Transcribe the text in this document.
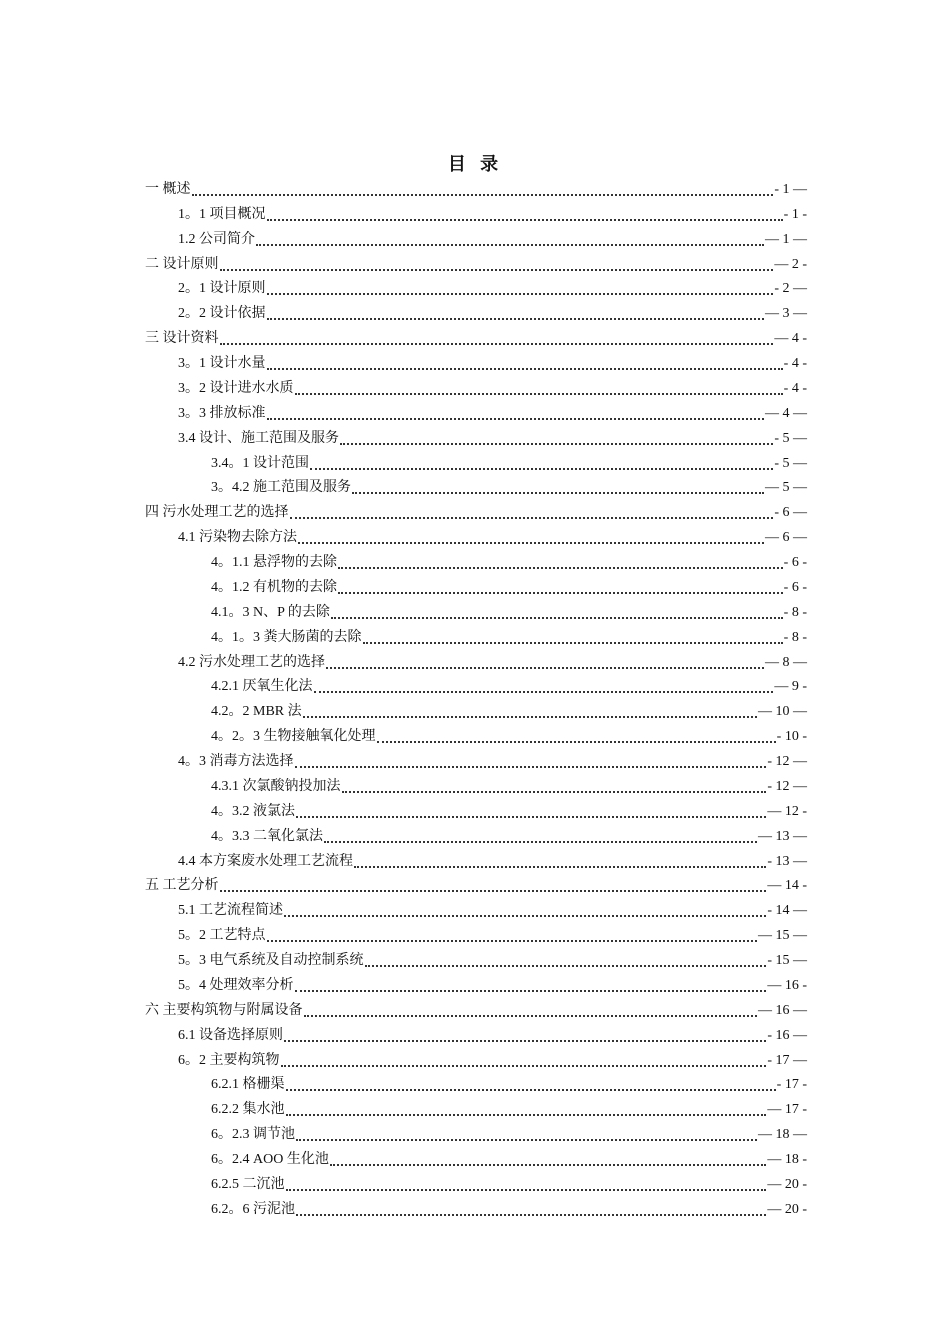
目 录
一 概述	- 1 —
1。1 项目概况	- 1 -
1.2 公司简介	— 1 —
二 设计原则	— 2 -
2。1 设计原则	- 2 —
2。2 设计依据	— 3 —
三 设计资料	— 4 -
3。1 设计水量	- 4 -
3。2 设计进水水质	- 4 -
3。3 排放标准	— 4 —
3.4 设计、施工范围及服务	- 5 —
3.4。1 设计范围	- 5 —
3。4.2 施工范围及服务	— 5 —
四 污水处理工艺的选择	- 6 —
4.1 污染物去除方法	— 6 —
4。1.1 悬浮物的去除	- 6 -
4。1.2 有机物的去除	- 6 -
4.1。3 N、P 的去除	- 8 -
4。1。3 粪大肠菌的去除	- 8 -
4.2 污水处理工艺的选择	— 8 —
4.2.1 厌氧生化法	— 9 -
4.2。2 MBR 法	— 10 —
4。2。3 生物接触氧化处理	- 10 -
4。3 消毒方法选择	- 12 —
4.3.1 次氯酸钠投加法	- 12 —
4。3.2 液氯法	— 12 -
4。3.3 二氧化氯法	— 13 —
4.4 本方案废水处理工艺流程	- 13 —
五 工艺分析	— 14 -
5.1 工艺流程简述	- 14 —
5。2 工艺特点	— 15 —
5。3 电气系统及自动控制系统	- 15 —
5。4 处理效率分析	— 16 -
六 主要构筑物与附属设备	— 16 —
6.1 设备选择原则	- 16 —
6。2 主要构筑物	- 17 —
6.2.1 格栅渠	- 17 -
6.2.2 集水池	— 17 -
6。2.3 调节池	— 18 —
6。2.4 AOO 生化池	— 18 -
6.2.5 二沉池	— 20 -
6.2。6 污泥池	— 20 -
